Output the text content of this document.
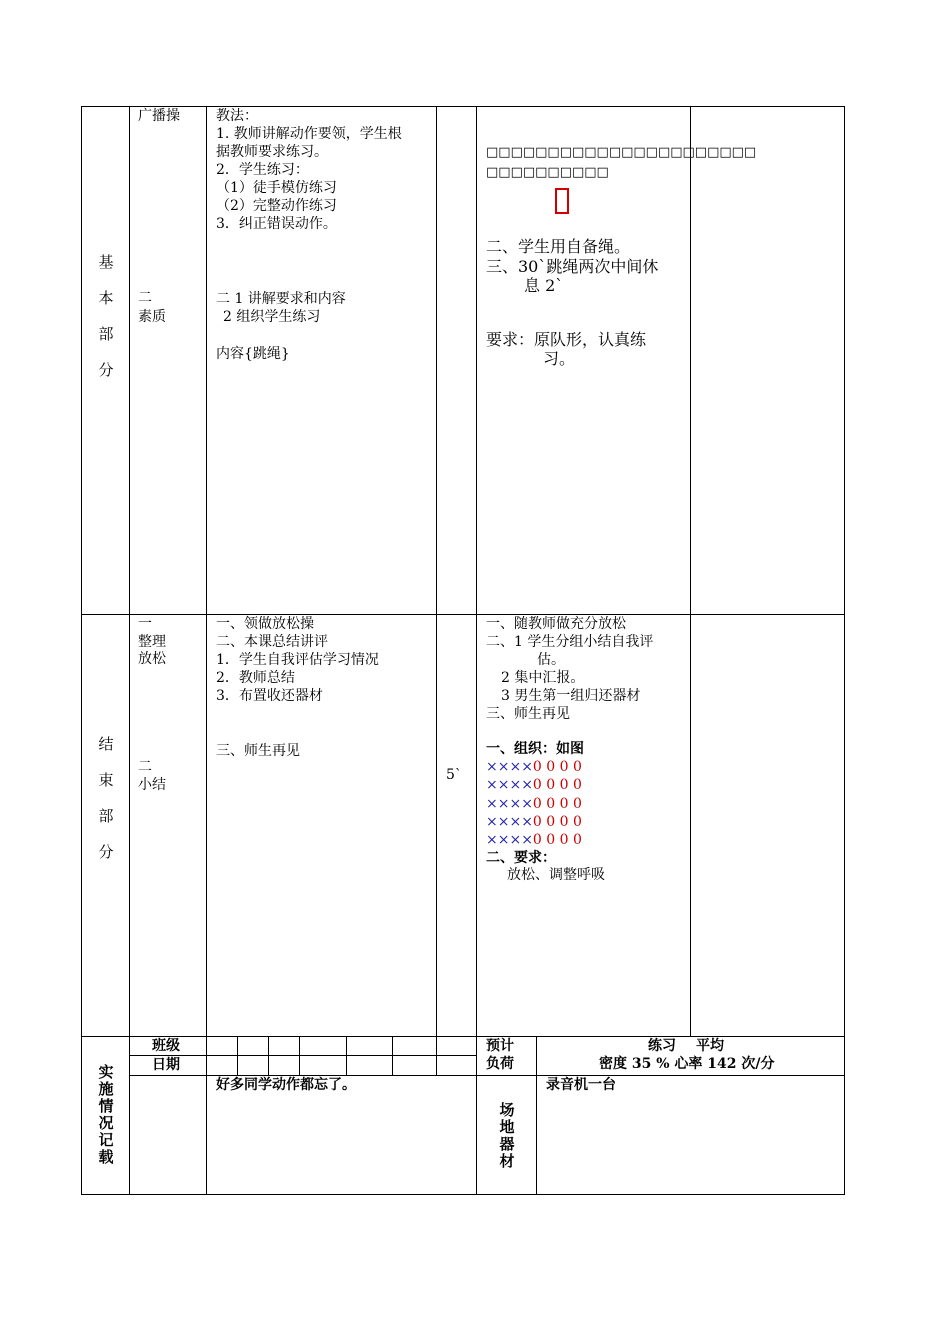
基
本
部
分
广播操
二
素质
教法：
1. 教师讲解动作要领，学生根
据教师要求练习。
2．学生练习：
（1）徒手模仿练习
（2）完整动作练习
3．纠正错误动作。
二 1 讲解要求和内容
2 组织学生练习
内容{跳绳}
□□□□□□□□□□□□□□□□□□□□□□
□□□□□□□□□□
二、学生用自备绳。
三、30`跳绳两次中间休
息 2`
要求：原队形，认真练
习。
结
束
部
分
一
整理
放松
二
小结
一、领做放松操
二、本课总结讲评
1．学生自我评估学习情况
2．教师总结
3．布置收还器材
三、师生再见
5`
一、随教师做充分放松
二、1 学生分组小结自我评
估。
2 集中汇报。
3 男生第一组归还器材
三、师生再见
一、组织：如图
××××0 0 0 0
××××0 0 0 0
××××0 0 0 0
××××0 0 0 0
××××0 0 0 0
二、要求：
放松、调整呼吸
实
施
情
况
记
载
班级
日期
预计
负荷
练习 平均
密度 35 % 心率 142 次/分
好多同学动作都忘了。
场
地
器
材
录音机一台
